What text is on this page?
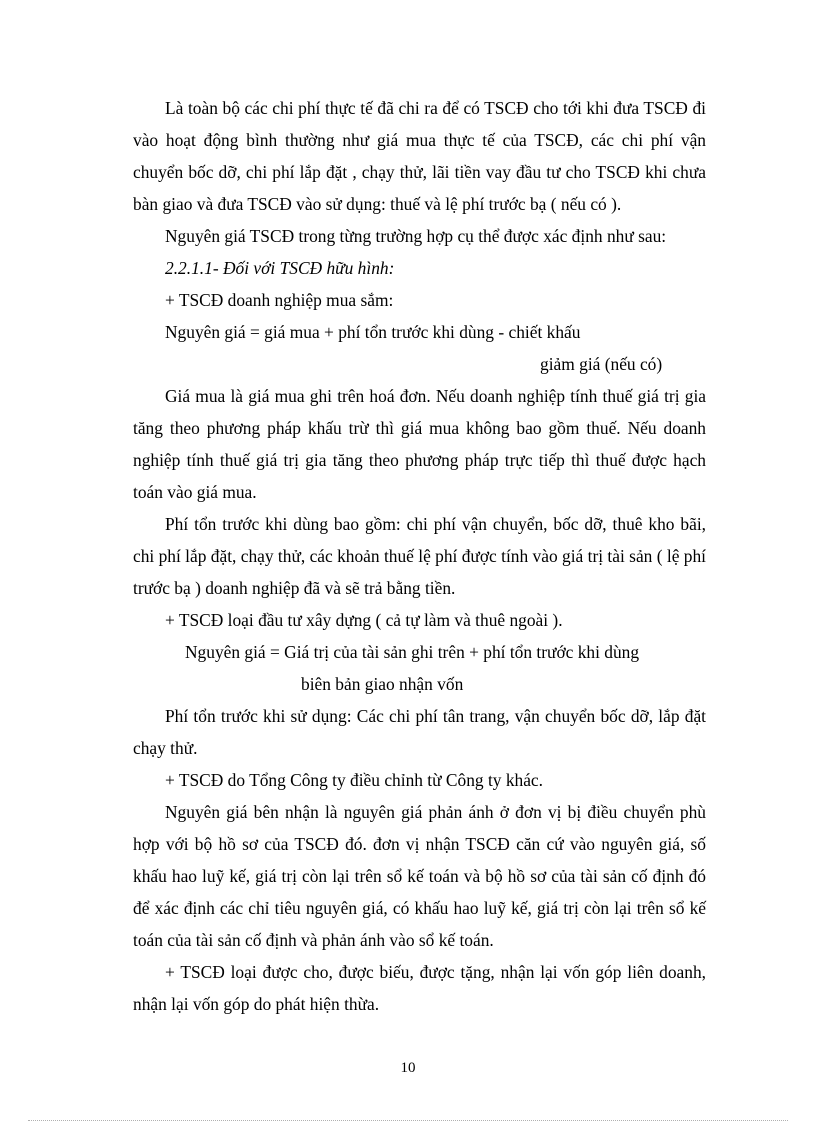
Là toàn bộ các chi phí thực tế đã chi ra để có TSCĐ cho tới khi đưa TSCĐ đi vào hoạt động bình thường như giá mua thực tế của TSCĐ, các chi phí vận chuyển bốc dỡ, chi phí lắp đặt , chạy thử, lãi tiền vay đầu tư cho TSCĐ khi chưa bàn giao và đưa TSCĐ vào sử dụng: thuế và lệ phí trước bạ ( nếu có ).

Nguyên giá TSCĐ trong từng trường hợp cụ thể được xác định như sau:

2.2.1.1- Đối với TSCĐ hữu hình:

+ TSCĐ doanh nghiệp mua sắm:

Nguyên giá = giá mua + phí tổn trước khi dùng - chiết khấu

giảm giá (nếu có)

Giá mua là giá mua ghi trên hoá đơn. Nếu doanh nghiệp tính thuế giá trị gia tăng theo phương pháp khấu trừ thì giá mua không bao gồm thuế. Nếu doanh nghiệp tính thuế giá trị gia tăng theo phương pháp trực tiếp thì thuế được hạch toán vào giá mua.

Phí tổn trước khi dùng bao gồm: chi phí vận chuyển, bốc dỡ, thuê kho bãi, chi phí lắp đặt, chạy thử, các khoản thuế lệ phí được tính vào giá trị tài sản ( lệ phí trước bạ ) doanh nghiệp đã và sẽ trả bằng tiền.

+ TSCĐ loại đầu tư xây dựng ( cả tự làm và thuê ngoài ).

Nguyên giá = Giá trị của tài sản ghi trên + phí tổn trước khi dùng

biên bản giao nhận vốn

Phí tổn trước khi sử dụng: Các chi phí tân trang, vận chuyển bốc dỡ, lắp đặt chạy thử.

+ TSCĐ do Tổng Công ty điều chỉnh từ Công ty khác.

Nguyên giá bên nhận là nguyên giá phản ánh ở đơn vị bị điều chuyển phù hợp với bộ hồ sơ của TSCĐ đó. đơn vị nhận TSCĐ căn cứ vào nguyên giá, số khấu hao luỹ kế, giá trị còn lại trên sổ kế toán và bộ hồ sơ của tài sản cố định đó để xác định các chỉ tiêu nguyên giá, có khấu hao luỹ kế, giá trị còn lại trên sổ kế toán của tài sản cố định và phản ánh vào sổ kế toán.

+ TSCĐ loại được cho, được biếu, được tặng, nhận lại vốn góp liên doanh, nhận lại vốn góp do phát hiện thừa.

10
